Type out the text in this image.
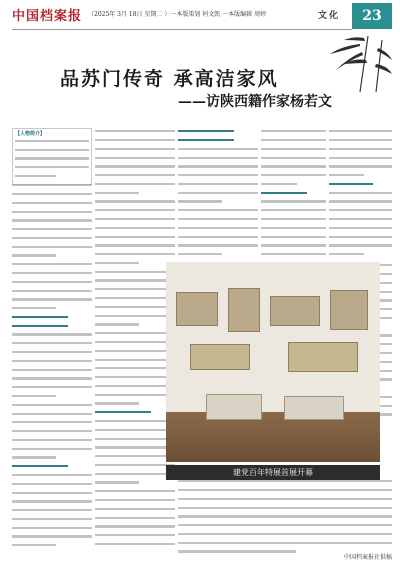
中国档案报 （2025年 3月 18日 星期二 ）一本版策划 何文凯 一本版编辑 周婷	文化	23
品苏门传奇 承高洁家风
——访陕西籍作家杨若文
【人物简介】
建党百年特展首展开幕
中国档案报社供稿
